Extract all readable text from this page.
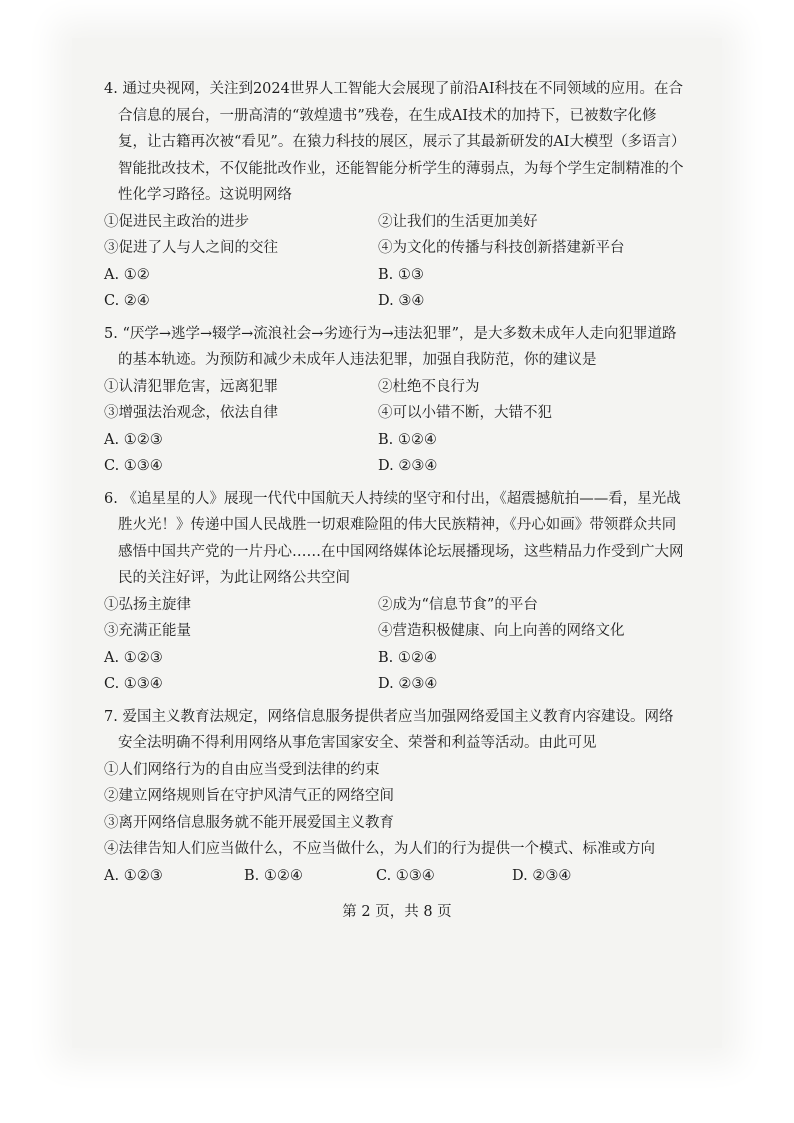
4. 通过央视网，关注到2024世界人工智能大会展现了前沿AI科技在不同领域的应用。在合合信息的展台，一册高清的“敦煌遗书”残卷，在生成AI技术的加持下，已被数字化修复，让古籍再次被“看见”。在猿力科技的展区，展示了其最新研发的AI大模型（多语言）智能批改技术，不仅能批改作业，还能智能分析学生的薄弱点，为每个学生定制精准的个性化学习路径。这说明网络

①促进民主政治的进步	②让我们的生活更加美好
③促进了人与人之间的交往	④为文化的传播与科技创新搭建新平台
A. ①②	B. ①③
C. ②④	D. ③④

5. “厌学→逃学→辍学→流浪社会→劣迹行为→违法犯罪”，是大多数未成年人走向犯罪道路的基本轨迹。为预防和减少未成年人违法犯罪，加强自我防范，你的建议是

①认清犯罪危害，远离犯罪	②杜绝不良行为
③增强法治观念，依法自律	④可以小错不断，大错不犯
A. ①②③	B. ①②④
C. ①③④	D. ②③④

6. 《追星星的人》展现一代代中国航天人持续的坚守和付出，《超震撼航拍——看，星光战胜火光！》传递中国人民战胜一切艰难险阻的伟大民族精神，《丹心如画》带领群众共同感悟中国共产党的一片丹心……在中国网络媒体论坛展播现场，这些精品力作受到广大网民的关注好评，为此让网络公共空间

①弘扬主旋律	②成为“信息节食”的平台
③充满正能量	④营造积极健康、向上向善的网络文化
A. ①②③	B. ①②④
C. ①③④	D. ②③④

7. 爱国主义教育法规定，网络信息服务提供者应当加强网络爱国主义教育内容建设。网络安全法明确不得利用网络从事危害国家安全、荣誉和利益等活动。由此可见

①人们网络行为的自由应当受到法律的约束
②建立网络规则旨在守护风清气正的网络空间
③离开网络信息服务就不能开展爱国主义教育
④法律告知人们应当做什么，不应当做什么，为人们的行为提供一个模式、标准或方向
A. ①②③	B. ①②④	C. ①③④	D. ②③④
第 2 页，共 8 页
